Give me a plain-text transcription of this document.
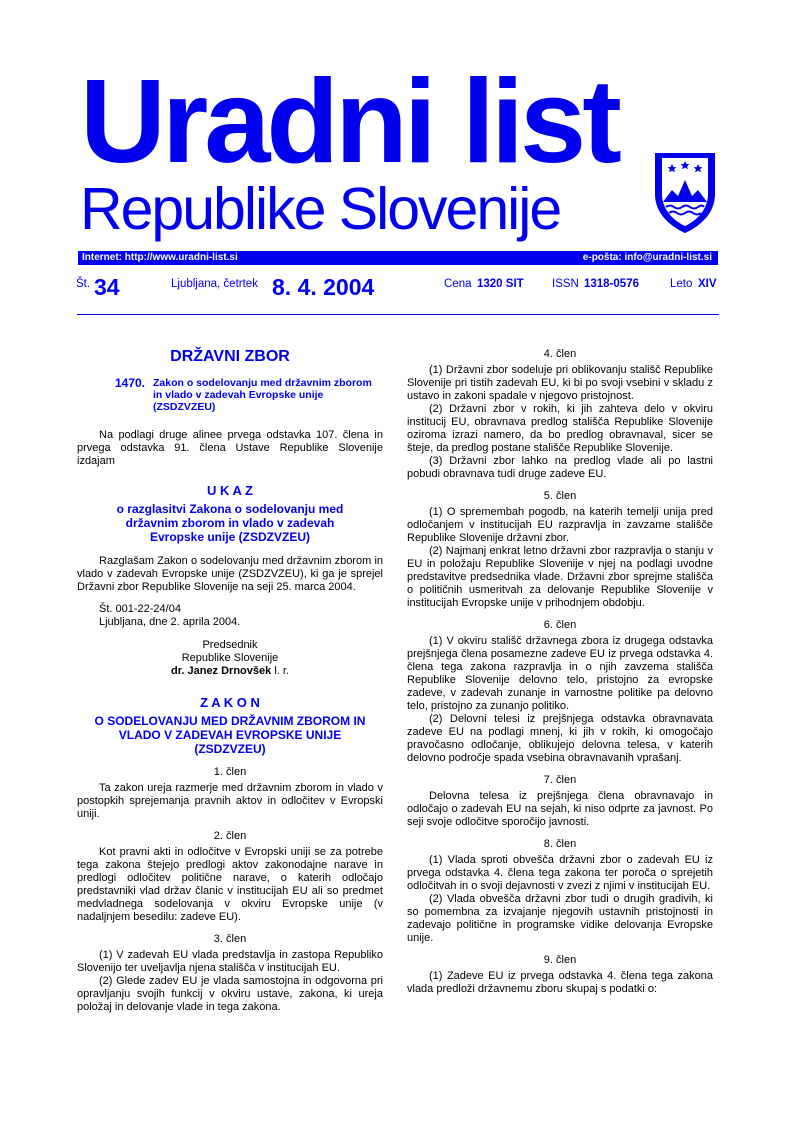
Uradni list
Republike Slovenije
Internet: http://www.uradni-list.si	e-pošta: info@uradni-list.si
Št. 34	Ljubljana, četrtek 8. 4. 2004	Cena 1320 SIT ISSN 1318-0576	Leto XIV
DRŽAVNI ZBOR
1470. Zakon o sodelovanju med državnim zborom in vlado v zadevah Evropske unije (ZSDZVZEU)

Na podlagi druge alinee prvega odstavka 107. člena in prvega odstavka 91. člena Ustave Republike Slovenije izdajam

U K A Z
o razglasitvi Zakona o sodelovanju med državnim zborom in vlado v zadevah Evropske unije (ZSDZVZEU)

Razglašam Zakon o sodelovanju med državnim zborom in vlado v zadevah Evropske unije (ZSDZVZEU), ki ga je sprejel Državni zbor Republike Slovenije na seji 25. marca 2004.

Št. 001-22-24/04

Ljubljana, dne 2. aprila 2004.

Predsednik
Republike Slovenije
dr. Janez Drnovšek l. r.
Z A K O N
O SODELOVANJU MED DRŽAVNIM ZBOROM IN VLADO V ZADEVAH EVROPSKE UNIJE (ZSDZVZEU)
1. člen

Ta zakon ureja razmerje med državnim zborom in vlado v postopkih sprejemanja pravnih aktov in odločitev v Evropski uniji.

2. člen

Kot pravni akti in odločitve v Evropski uniji se za potrebe tega zakona štejejo predlogi aktov zakonodajne narave in predlogi odločitev politične narave, o katerih odločajo predstavniki vlad držav članic v institucijah EU ali so predmet medvladnega sodelovanja v okviru Evropske unije (v nadaljnjem besedilu: zadeve EU).

3. člen

(1) V zadevah EU vlada predstavlja in zastopa Republiko Slovenijo ter uveljavlja njena stališča v institucijah EU.

(2) Glede zadev EU je vlada samostojna in odgovorna pri opravljanju svojih funkcij v okviru ustave, zakona, ki ureja položaj in delovanje vlade in tega zakona.

4. člen

(1) Državni zbor sodeluje pri oblikovanju stališč Republike Slovenije pri tistih zadevah EU, ki bi po svoji vsebini v skladu z ustavo in zakoni spadale v njegovo pristojnost.

(2) Državni zbor v rokih, ki jih zahteva delo v okviru institucij EU, obravnava predlog stališča Republike Slovenije oziroma izrazi namero, da bo predlog obravnaval, sicer se šteje, da predlog postane stališče Republike Slovenije.

(3) Državni zbor lahko na predlog vlade ali po lastni pobudi obravnava tudi druge zadeve EU.

5. člen

(1) O spremembah pogodb, na katerih temelji unija pred odločanjem v institucijah EU razpravlja in zavzame stališče Republike Slovenije državni zbor.

(2) Najmanj enkrat letno državni zbor razpravlja o stanju v EU in položaju Republike Slovenije v njej na podlagi uvodne predstavitve predsednika vlade. Državni zbor sprejme stališča o političnih usmeritvah za delovanje Republike Slovenije v institucijah Evropske unije v prihodnjem obdobju.

6. člen

(1) V okviru stališč državnega zbora iz drugega odstavka prejšnjega člena posamezne zadeve EU iz prvega odstavka 4. člena tega zakona razpravlja in o njih zavzema stališča Republike Slovenije delovno telo, pristojno za evropske zadeve, v zadevah zunanje in varnostne politike pa delovno telo, pristojno za zunanjo politiko.

(2) Delovni telesi iz prejšnjega odstavka obravnavata zadeve EU na podlagi mnenj, ki jih v rokih, ki omogočajo pravočasno odločanje, oblikujejo delovna telesa, v katerih delovno področje spada vsebina obravnavanih vprašanj.

7. člen

Delovna telesa iz prejšnjega člena obravnavajo in odločajo o zadevah EU na sejah, ki niso odprte za javnost. Po seji svoje odločitve sporočijo javnosti.

8. člen

(1) Vlada sproti obvešča državni zbor o zadevah EU iz prvega odstavka 4. člena tega zakona ter poroča o sprejetih odločitvah in o svoji dejavnosti v zvezi z njimi v institucijah EU.

(2) Vlada obvešča državni zbor tudi o drugih gradivih, ki so pomembna za izvajanje njegovih ustavnih pristojnosti in zadevajo politične in programske vidike delovanja Evropske unije.

9. člen

(1) Zadeve EU iz prvega odstavka 4. člena tega zakona vlada predloži državnemu zboru skupaj s podatki o:
